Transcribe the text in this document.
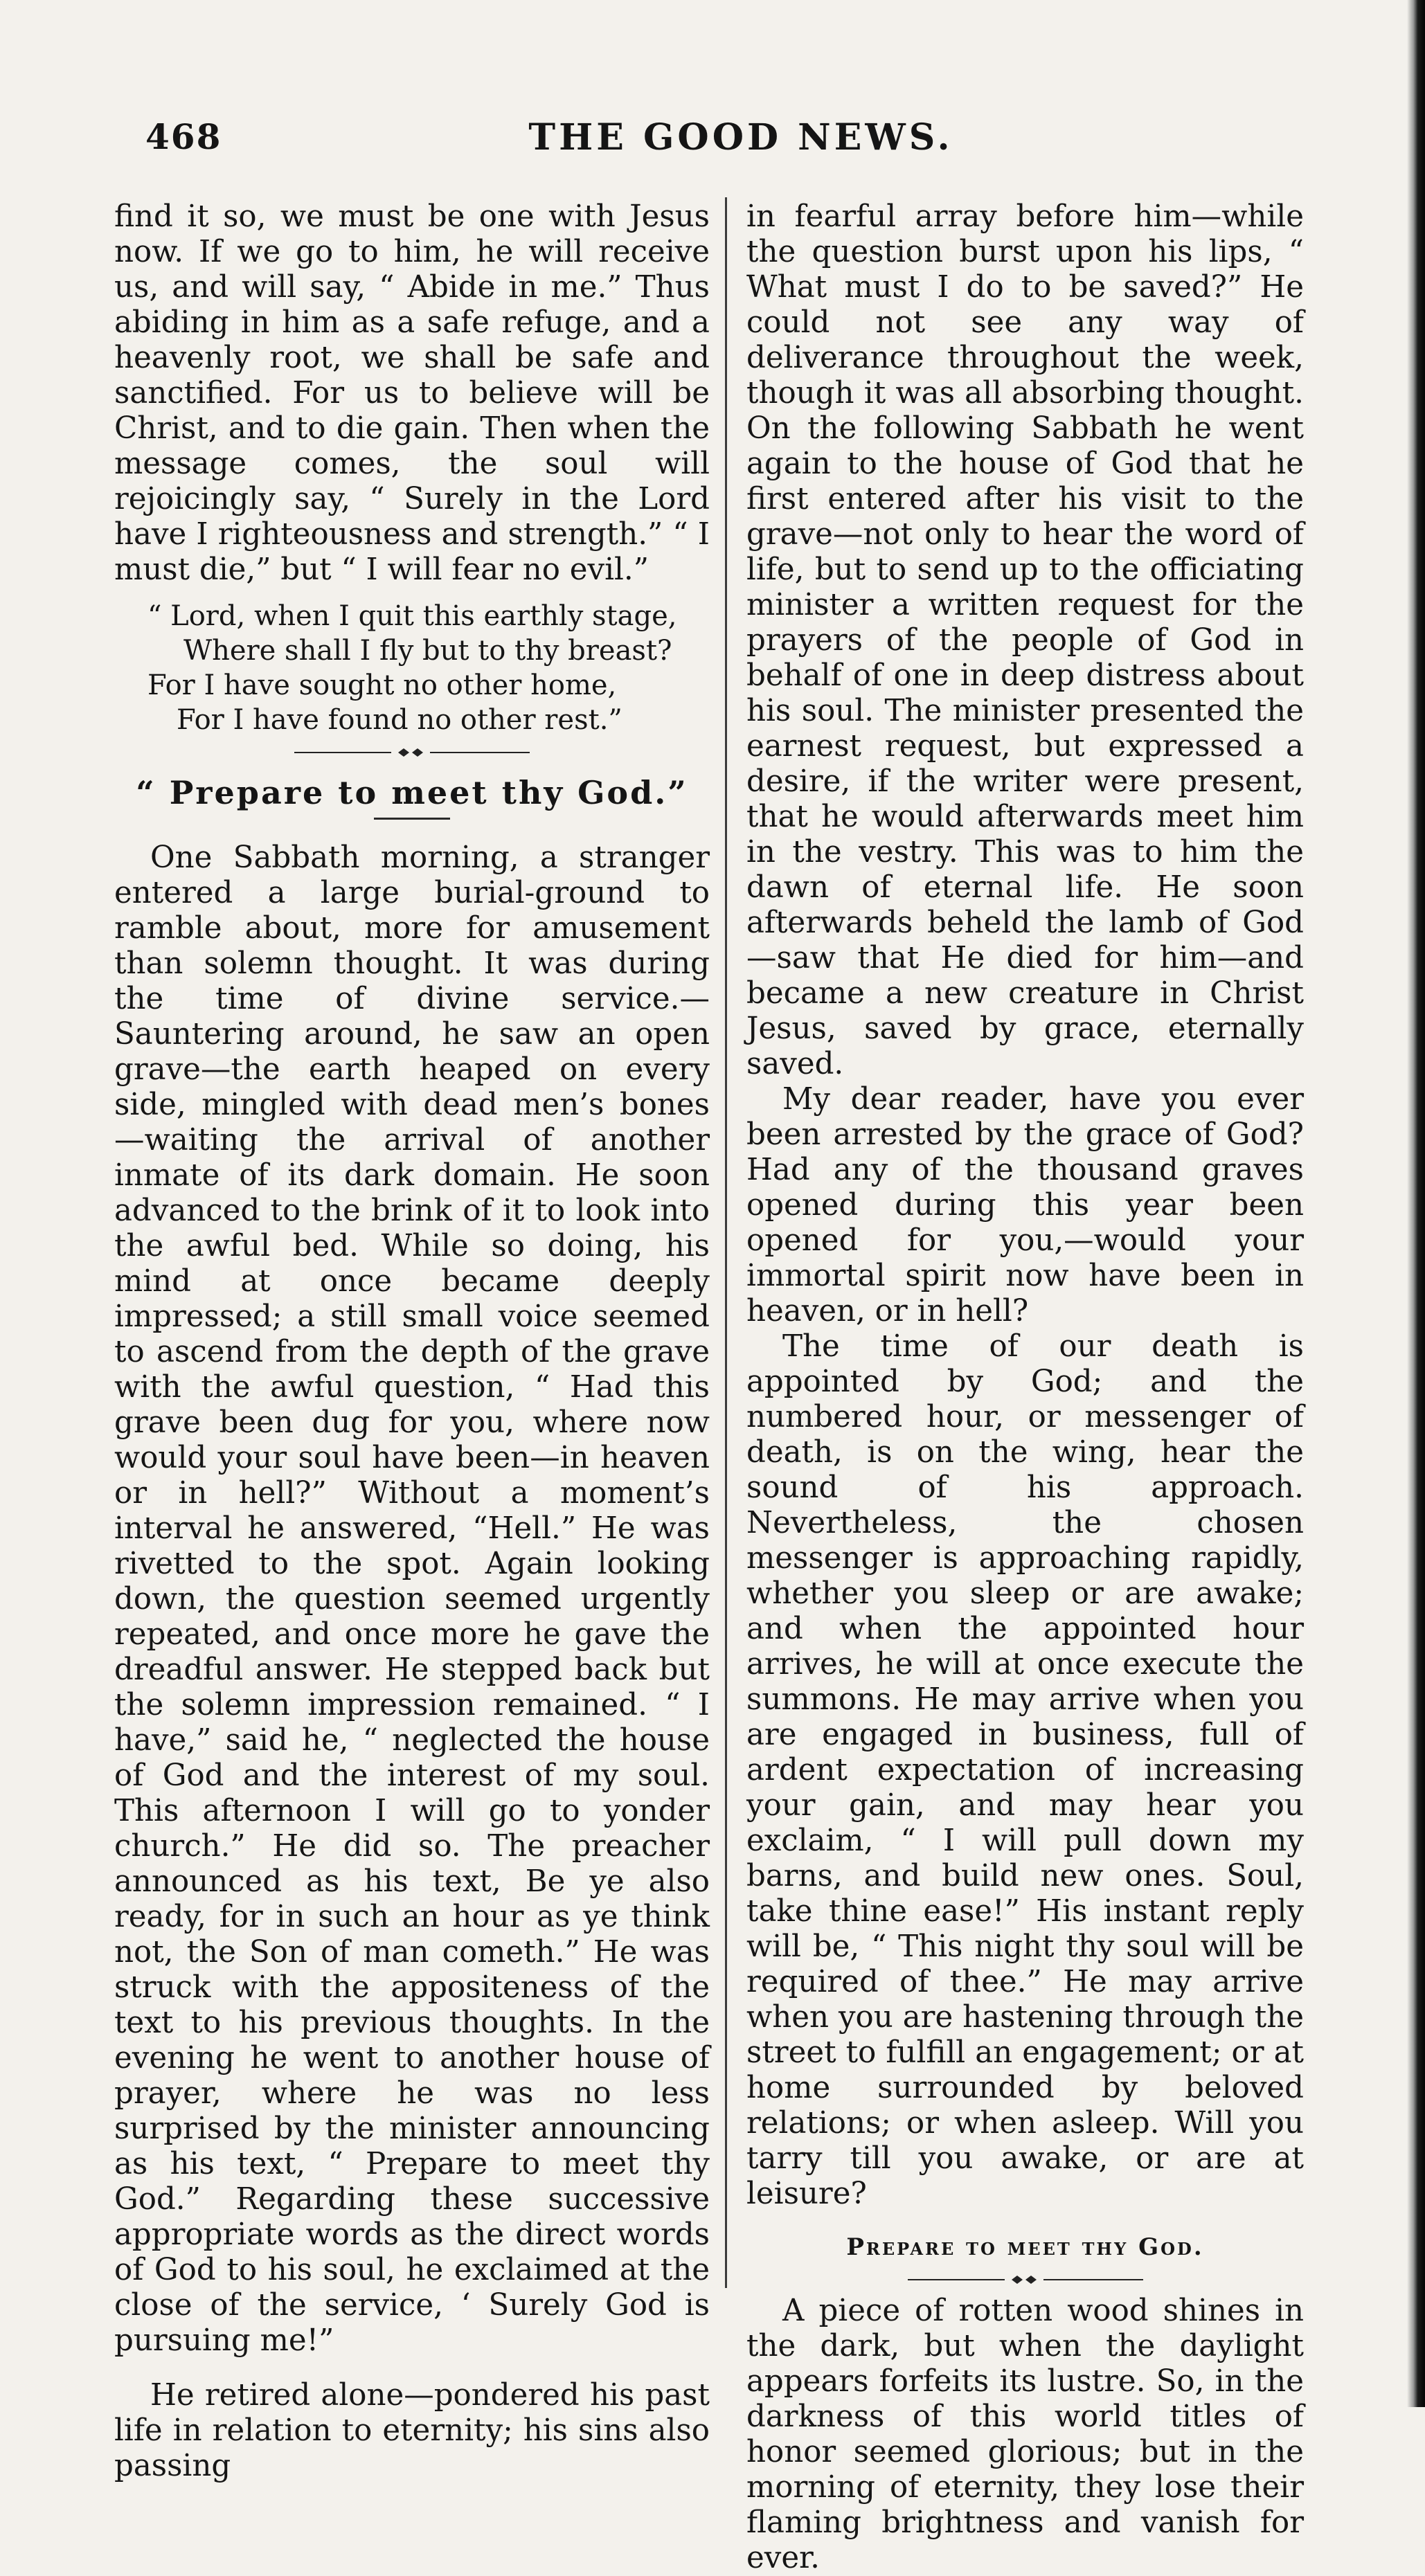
468	THE GOOD NEWS.

find it so, we must be one with Jesus now. If we go to him, he will receive us, and will say, “ Abide in me.” Thus abiding in him as a safe refuge, and a heavenly root, we shall be safe and sanctified. For us to believe will be Christ, and to die gain. Then when the message comes, the soul will rejoicingly say, “ Surely in the Lord have I righteousness and strength.” “ I must die,” but “ I will fear no evil.”

“ Lord, when I quit this earthly stage,
Where shall I fly but to thy breast?
For I have sought no other home,
For I have found no other rest.”
“ Prepare to meet thy God.”

One Sabbath morning, a stranger entered a large burial-ground to ramble about, more for amusement than solemn thought. It was during the time of divine service.—Sauntering around, he saw an open grave—the earth heaped on every side, mingled with dead men’s bones—waiting the arrival of another inmate of its dark domain. He soon advanced to the brink of it to look into the awful bed. While so doing, his mind at once became deeply impressed; a still small voice seemed to ascend from the depth of the grave with the awful question, “ Had this grave been dug for you, where now would your soul have been—in heaven or in hell?” Without a moment’s interval he answered, “Hell.” He was rivetted to the spot. Again looking down, the question seemed urgently repeated, and once more he gave the dreadful answer. He stepped back but the solemn impression remained. “ I have,” said he, “ neglected the house of God and the interest of my soul. This afternoon I will go to yonder church.” He did so. The preacher announced as his text, Be ye also ready, for in such an hour as ye think not, the Son of man cometh.” He was struck with the appositeness of the text to his previous thoughts. In the evening he went to another house of prayer, where he was no less surprised by the minister announcing as his text, “ Prepare to meet thy God.” Regarding these successive appropriate words as the direct words of God to his soul, he exclaimed at the close of the service, ‘ Surely God is pursuing me!”

He retired alone—pondered his past life in relation to eternity; his sins also passing

in fearful array before him—while the question burst upon his lips, “ What must I do to be saved?” He could not see any way of deliverance throughout the week, though it was all absorbing thought. On the following Sabbath he went again to the house of God that he first entered after his visit to the grave—not only to hear the word of life, but to send up to the officiating minister a written request for the prayers of the people of God in behalf of one in deep distress about his soul. The minister presented the earnest request, but expressed a desire, if the writer were present, that he would afterwards meet him in the vestry. This was to him the dawn of eternal life. He soon afterwards beheld the lamb of God—saw that He died for him—and became a new creature in Christ Jesus, saved by grace, eternally saved.

My dear reader, have you ever been arrested by the grace of God? Had any of the thousand graves opened during this year been opened for you,—would your immortal spirit now have been in heaven, or in hell?

The time of our death is appointed by God; and the numbered hour, or messenger of death, is on the wing, hear the sound of his approach. Nevertheless, the chosen messenger is approaching rapidly, whether you sleep or are awake; and when the appointed hour arrives, he will at once execute the summons. He may arrive when you are engaged in business, full of ardent expectation of increasing your gain, and may hear you exclaim, “ I will pull down my barns, and build new ones. Soul, take thine ease!” His instant reply will be, “ This night thy soul will be required of thee.” He may arrive when you are hastening through the street to fulfill an engagement; or at home surrounded by beloved relations; or when asleep. Will you tarry till you awake, or are at leisure?

Prepare to meet thy God.

A piece of rotten wood shines in the dark, but when the daylight appears forfeits its lustre. So, in the darkness of this world titles of honor seemed glorious; but in the morning of eternity, they lose their flaming brightness and vanish for ever.
